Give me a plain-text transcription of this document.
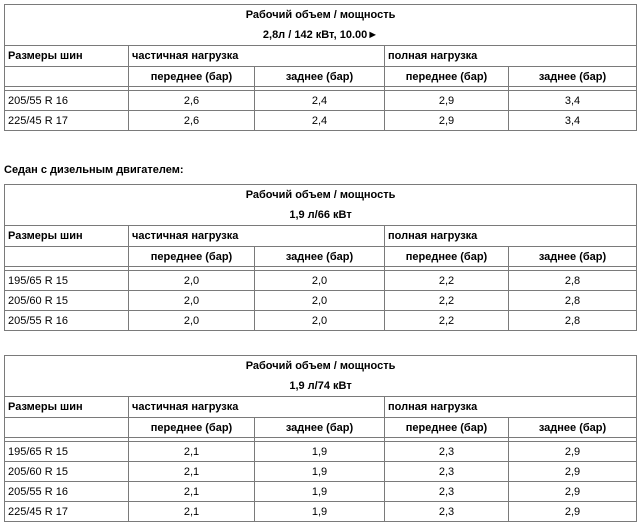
Рабочий объем / мощность
2,8л / 142 кВт, 10.00►				

Размеры шин	частичная нагрузка		полная нагрузка	
	переднее (бар)	заднее (бар)	переднее (бар)	заднее (бар)

205/55 R 16	2,6	2,4	2,9	3,4
225/45 R 17	2,6	2,4	2,9	3,4
Седан с дизельным двигателем:
Рабочий объем / мощность
1,9 л/66 кВт				

Размеры шин	частичная нагрузка		полная нагрузка	
	переднее (бар)	заднее (бар)	переднее (бар)	заднее (бар)

195/65 R 15	2,0	2,0	2,2	2,8
205/60 R 15	2,0	2,0	2,2	2,8
205/55 R 16	2,0	2,0	2,2	2,8
Рабочий объем / мощность
1,9 л/74 кВт				

Размеры шин	частичная нагрузка		полная нагрузка	
	переднее (бар)	заднее (бар)	переднее (бар)	заднее (бар)

195/65 R 15	2,1	1,9	2,3	2,9
205/60 R 15	2,1	1,9	2,3	2,9
205/55 R 16	2,1	1,9	2,3	2,9
225/45 R 17	2,1	1,9	2,3	2,9
